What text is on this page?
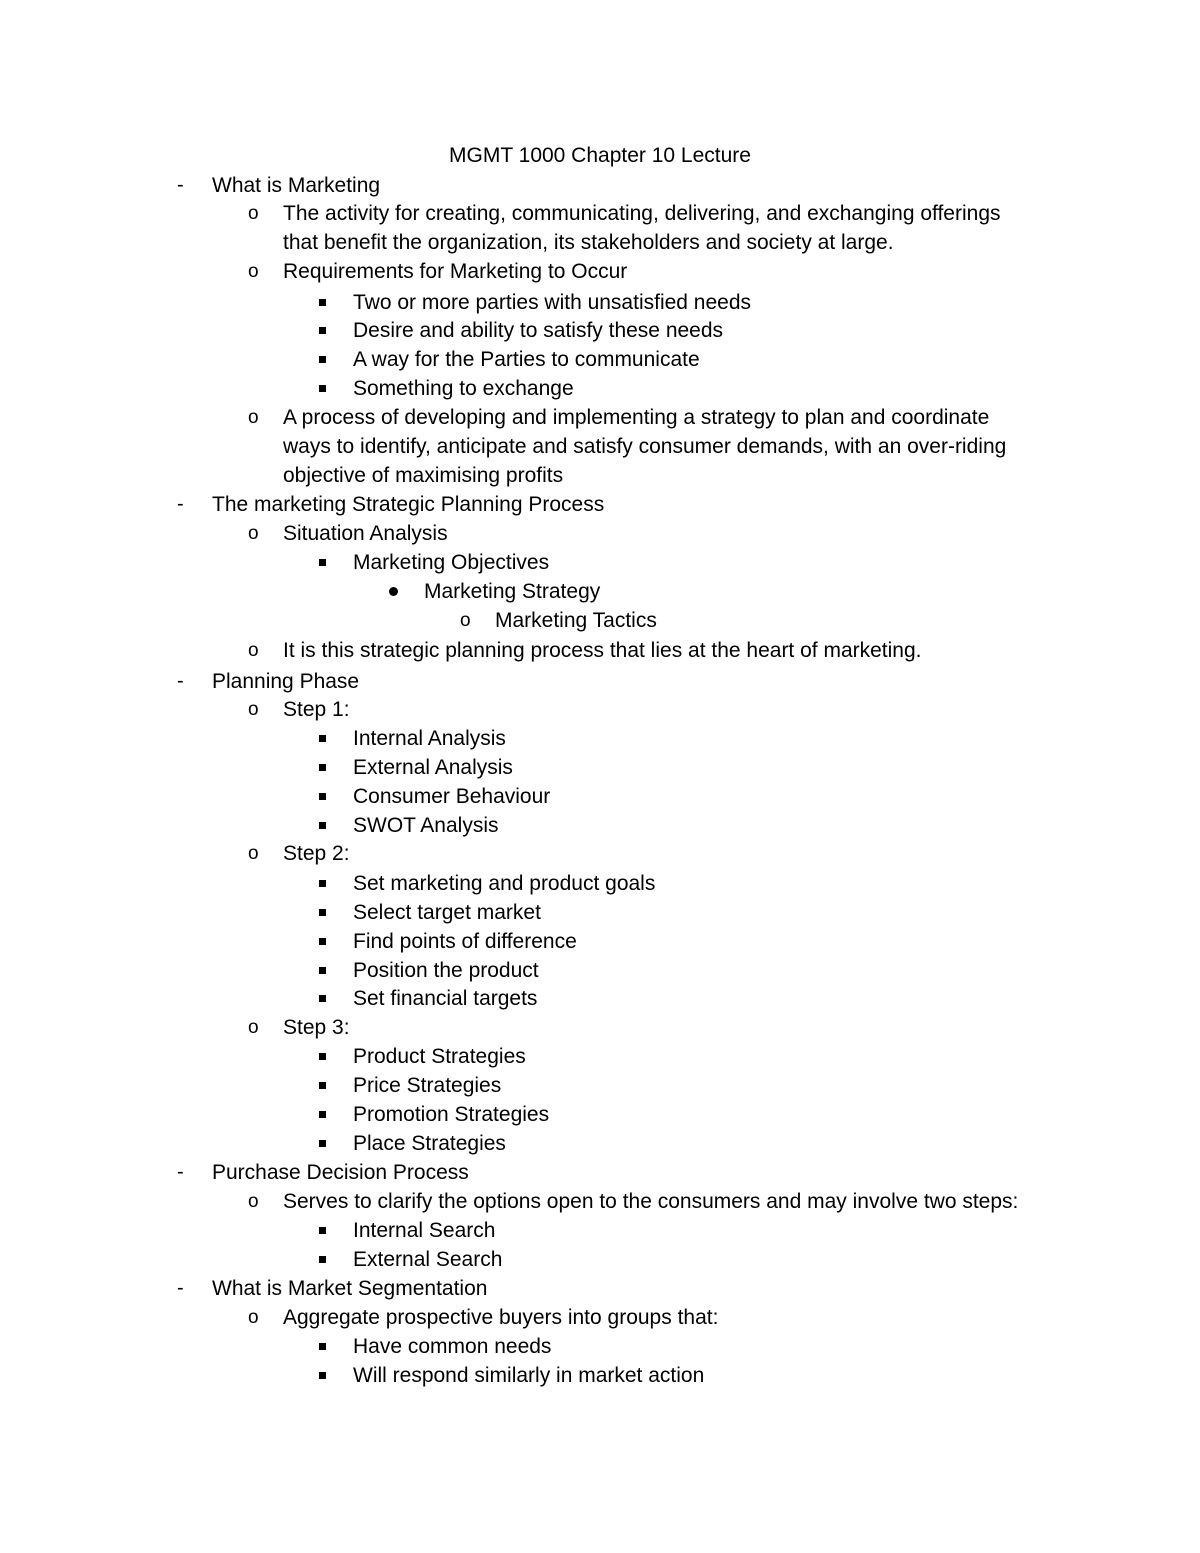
MGMT 1000 Chapter 10 Lecture
- What is Marketing
o The activity for creating, communicating, delivering, and exchanging offerings
that benefit the organization, its stakeholders and society at large.
o Requirements for Marketing to Occur
Two or more parties with unsatisfied needs
Desire and ability to satisfy these needs
A way for the Parties to communicate
Something to exchange
o A process of developing and implementing a strategy to plan and coordinate
ways to identify, anticipate and satisfy consumer demands, with an over-riding
objective of maximising profits
- The marketing Strategic Planning Process
o Situation Analysis
Marketing Objectives
Marketing Strategy
o Marketing Tactics
o It is this strategic planning process that lies at the heart of marketing.
- Planning Phase
o Step 1:
Internal Analysis
External Analysis
Consumer Behaviour
SWOT Analysis
o Step 2:
Set marketing and product goals
Select target market
Find points of difference
Position the product
Set financial targets
o Step 3:
Product Strategies
Price Strategies
Promotion Strategies
Place Strategies
- Purchase Decision Process
o Serves to clarify the options open to the consumers and may involve two steps:
Internal Search
External Search
- What is Market Segmentation
o Aggregate prospective buyers into groups that:
Have common needs
Will respond similarly in market action
